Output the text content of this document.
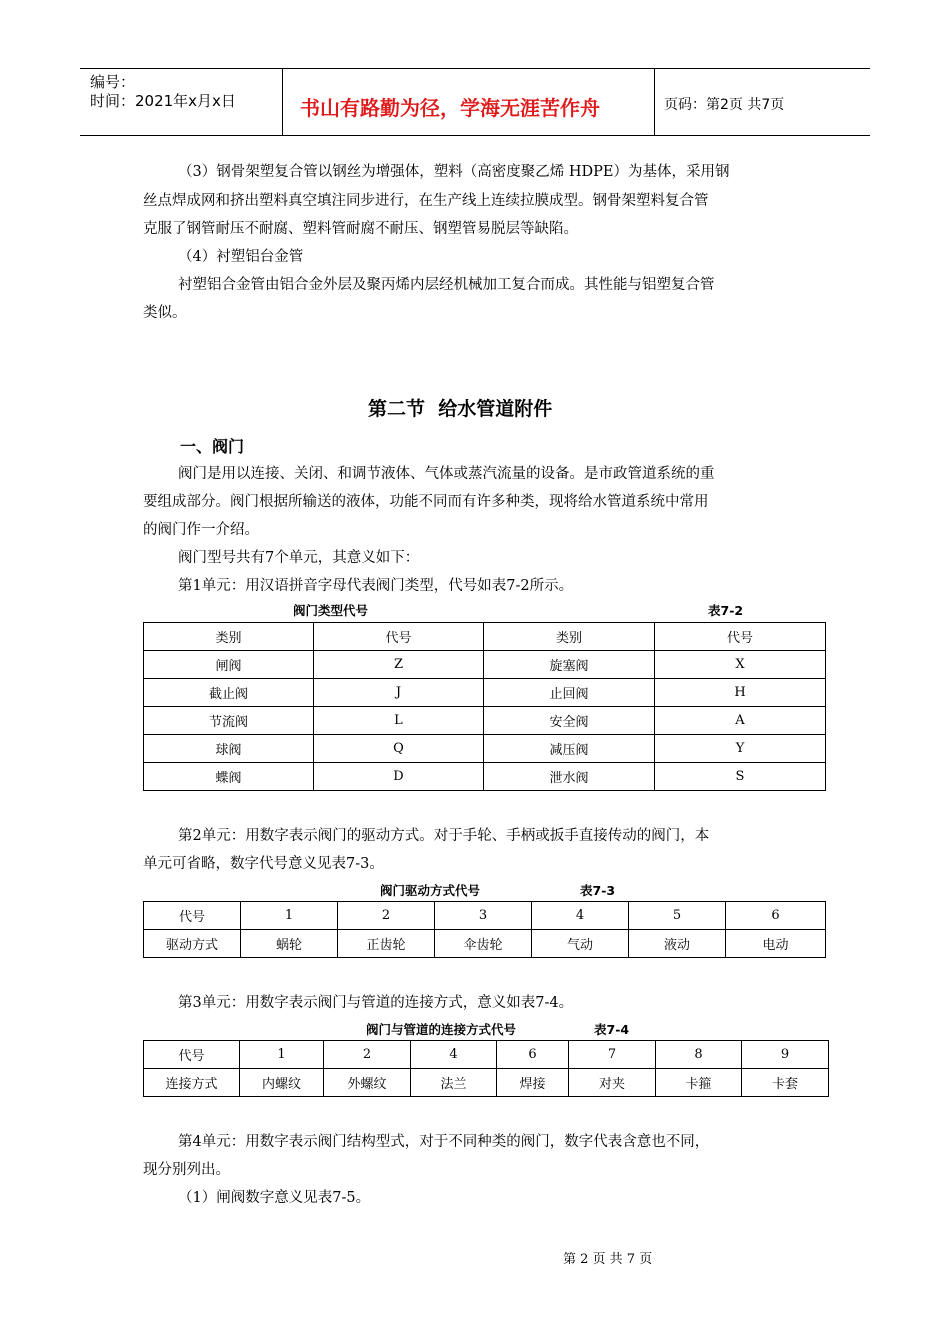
编号：
时间：2021年x月x日	书山有路勤为径，学海无涯苦作舟	页码：第2页 共7页
（3）钢骨架塑复合管以钢丝为增强体，塑料（高密度聚乙烯 HDPE）为基体，采用钢
丝点焊成网和挤出塑料真空填注同步进行，在生产线上连续拉膜成型。钢骨架塑料复合管
克服了钢管耐压不耐腐、塑料管耐腐不耐压、钢塑管易脱层等缺陷。
（4）衬塑铝台金管
衬塑铝合金管由铝合金外层及聚丙烯内层经机械加工复合而成。其性能与铝塑复合管
类似。
第二节  给水管道附件
一、阀门
阀门是用以连接、关闭、和调节液体、气体或蒸汽流量的设备。是市政管道系统的重
要组成部分。阀门根据所输送的液体，功能不同而有许多种类，现将给水管道系统中常用
的阀门作一介绍。
阀门型号共有7个单元，其意义如下：
第1单元：用汉语拼音字母代表阀门类型，代号如表7-2所示。
阀门类型代号	表7-2
类别	代号	类别	代号
闸阀	Z	旋塞阀	X
截止阀	J	止回阀	H
节流阀	L	安全阀	A
球阀	Q	减压阀	Y
蝶阀	D	泄水阀	S
第2单元：用数字表示阀门的驱动方式。对于手轮、手柄或扳手直接传动的阀门，本
单元可省略，数字代号意义见表7-3。
阀门驱动方式代号	表7-3
代号	1	2	3	4	5	6
驱动方式	蜗轮	正齿轮	伞齿轮	气动	液动	电动
第3单元：用数字表示阀门与管道的连接方式，意义如表7-4。
阀门与管道的连接方式代号	表7-4
代号	1	2	4	6	7	8	9
连接方式	内螺纹	外螺纹	法兰	焊接	对夹	卡箍	卡套
第4单元：用数字表示阀门结构型式，对于不同种类的阀门，数字代表含意也不同，
现分别列出。
（1）闸阀数字意义见表7-5。
第 2 页 共 7 页
